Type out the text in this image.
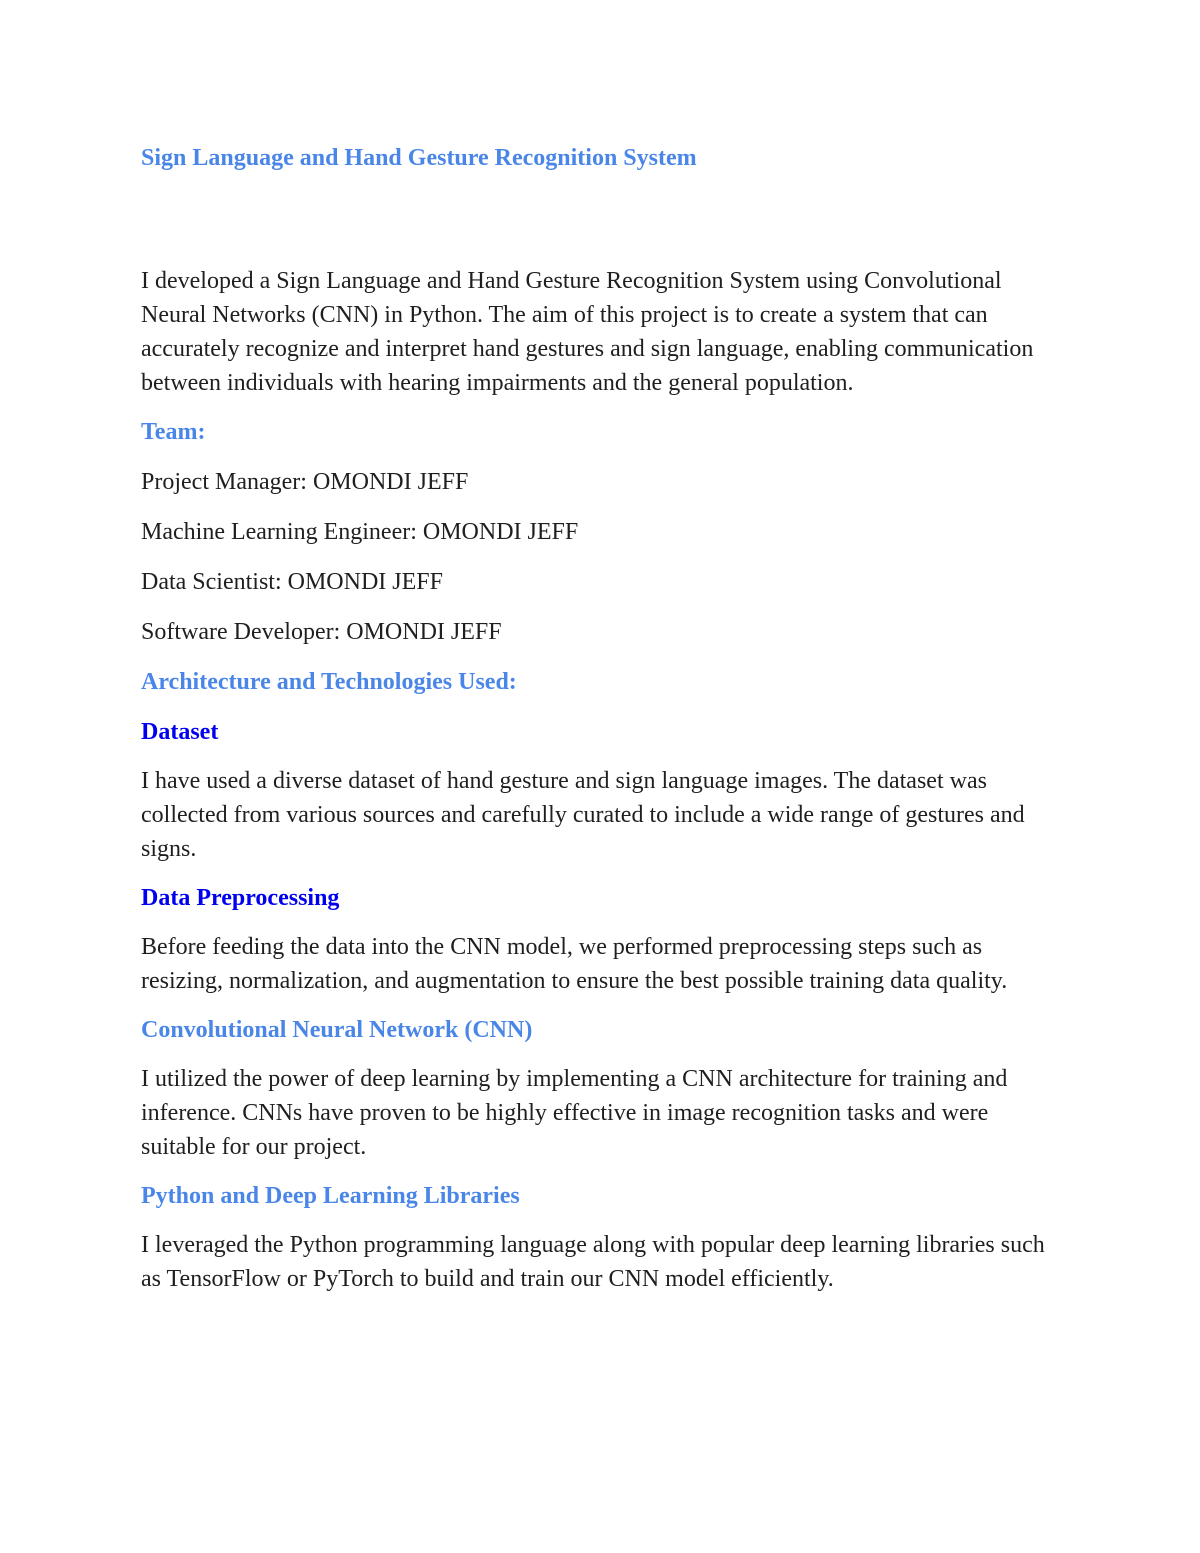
Sign Language and Hand Gesture Recognition System

I developed a Sign Language and Hand Gesture Recognition System using Convolutional Neural Networks (CNN) in Python. The aim of this project is to create a system that can accurately recognize and interpret hand gestures and sign language, enabling communication between individuals with hearing impairments and the general population.

Team:

Project Manager: OMONDI JEFF

Machine Learning Engineer: OMONDI JEFF

Data Scientist: OMONDI JEFF

Software Developer: OMONDI JEFF

Architecture and Technologies Used:
Dataset

I have used a diverse dataset of hand gesture and sign language images. The dataset was collected from various sources and carefully curated to include a wide range of gestures and signs.

Data Preprocessing

Before feeding the data into the CNN model, we performed preprocessing steps such as resizing, normalization, and augmentation to ensure the best possible training data quality.

Convolutional Neural Network (CNN)

I utilized the power of deep learning by implementing a CNN architecture for training and inference. CNNs have proven to be highly effective in image recognition tasks and were suitable for our project.

Python and Deep Learning Libraries

I leveraged the Python programming language along with popular deep learning libraries such as TensorFlow or PyTorch to build and train our CNN model efficiently.
